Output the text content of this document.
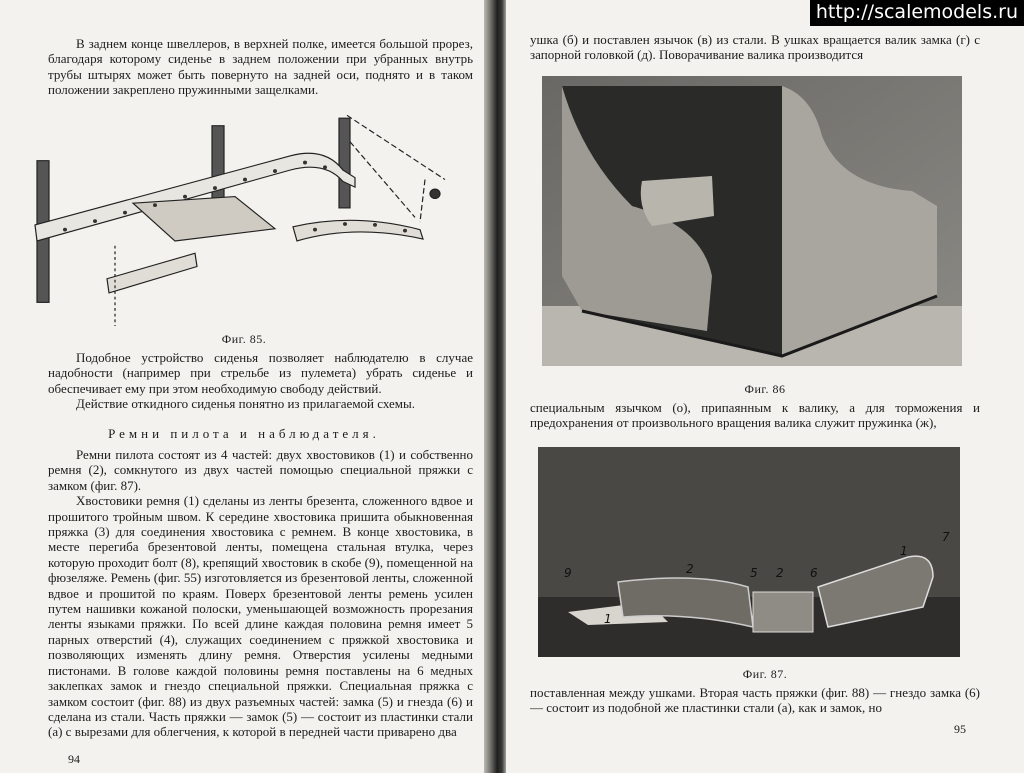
В заднем конце швеллеров, в верхней полке, имеется большой прорез, благодаря которому сиденье в заднем положении при убранных внутрь трубы штырях может быть повернуто на задней оси, поднято и в таком положении закреплено пружинными защелками.

Фиг. 85.

Подобное устройство сиденья позволяет наблюдателю в случае надобности (например при стрельбе из пулемета) убрать сиденье и обеспечивает ему при этом необходимую свободу действий.

Действие откидного сиденья понятно из прилагаемой схемы.

Ремни пилота и наблюдателя.

Ремни пилота состоят из 4 частей: двух хвостовиков (1) и собственно ремня (2), сомкнутого из двух частей помощью специальной пряжки с замком (фиг. 87).

Хвостовики ремня (1) сделаны из ленты брезента, сложенного вдвое и прошитого тройным швом. К середине хвостовика пришита обыкновенная пряжка (3) для соединения хвостовика с ремнем. В конце хвостовика, в месте перегиба брезентовой ленты, помещена стальная втулка, через которую проходит болт (8), крепящий хвостовик в скобе (9), помещенной на фюзеляже. Ремень (фиг. 55) изготовляется из брезентовой ленты, сложенной вдвое и прошитой по краям. Поверх брезентовой ленты ремень усилен путем нашивки кожаной полоски, уменьшающей возможность прорезания ленты языками пряжки. По всей длине каждая половина ремня имеет 5 парных отверстий (4), служащих соединением с пряжкой хвостовика и позволяющих изменять длину ремня. Отверстия усилены медными пистонами. В голове каждой половины ремня поставлены на 6 медных заклепках замок и гнездо специальной пряжки. Специальная пряжка с замком состоит (фиг. 88) из двух разъемных частей: замка (5) и гнезда (6) и сделана из стали. Часть пряжки — замок (5) — состоит из пластинки стали (а) с вырезами для облегчения, к которой в передней части приварено два

94
http://scalemodels.ru

ушка (б) и поставлен язычок (в) из стали. В ушках вращается валик замка (г) с запорной головкой (д). Поворачивание валика производится

Фиг. 86

специальным язычком (о), припаянным к валику, а для торможения и предохранения от произвольного вращения валика служит пружинка (ж),

9
1
2	5 2 6
1
7
Фиг. 87.

поставленная между ушками. Вторая часть пряжки (фиг. 88) — гнездо замка (6) — состоит из подобной же пластинки стали (а), как и замок, но

95
